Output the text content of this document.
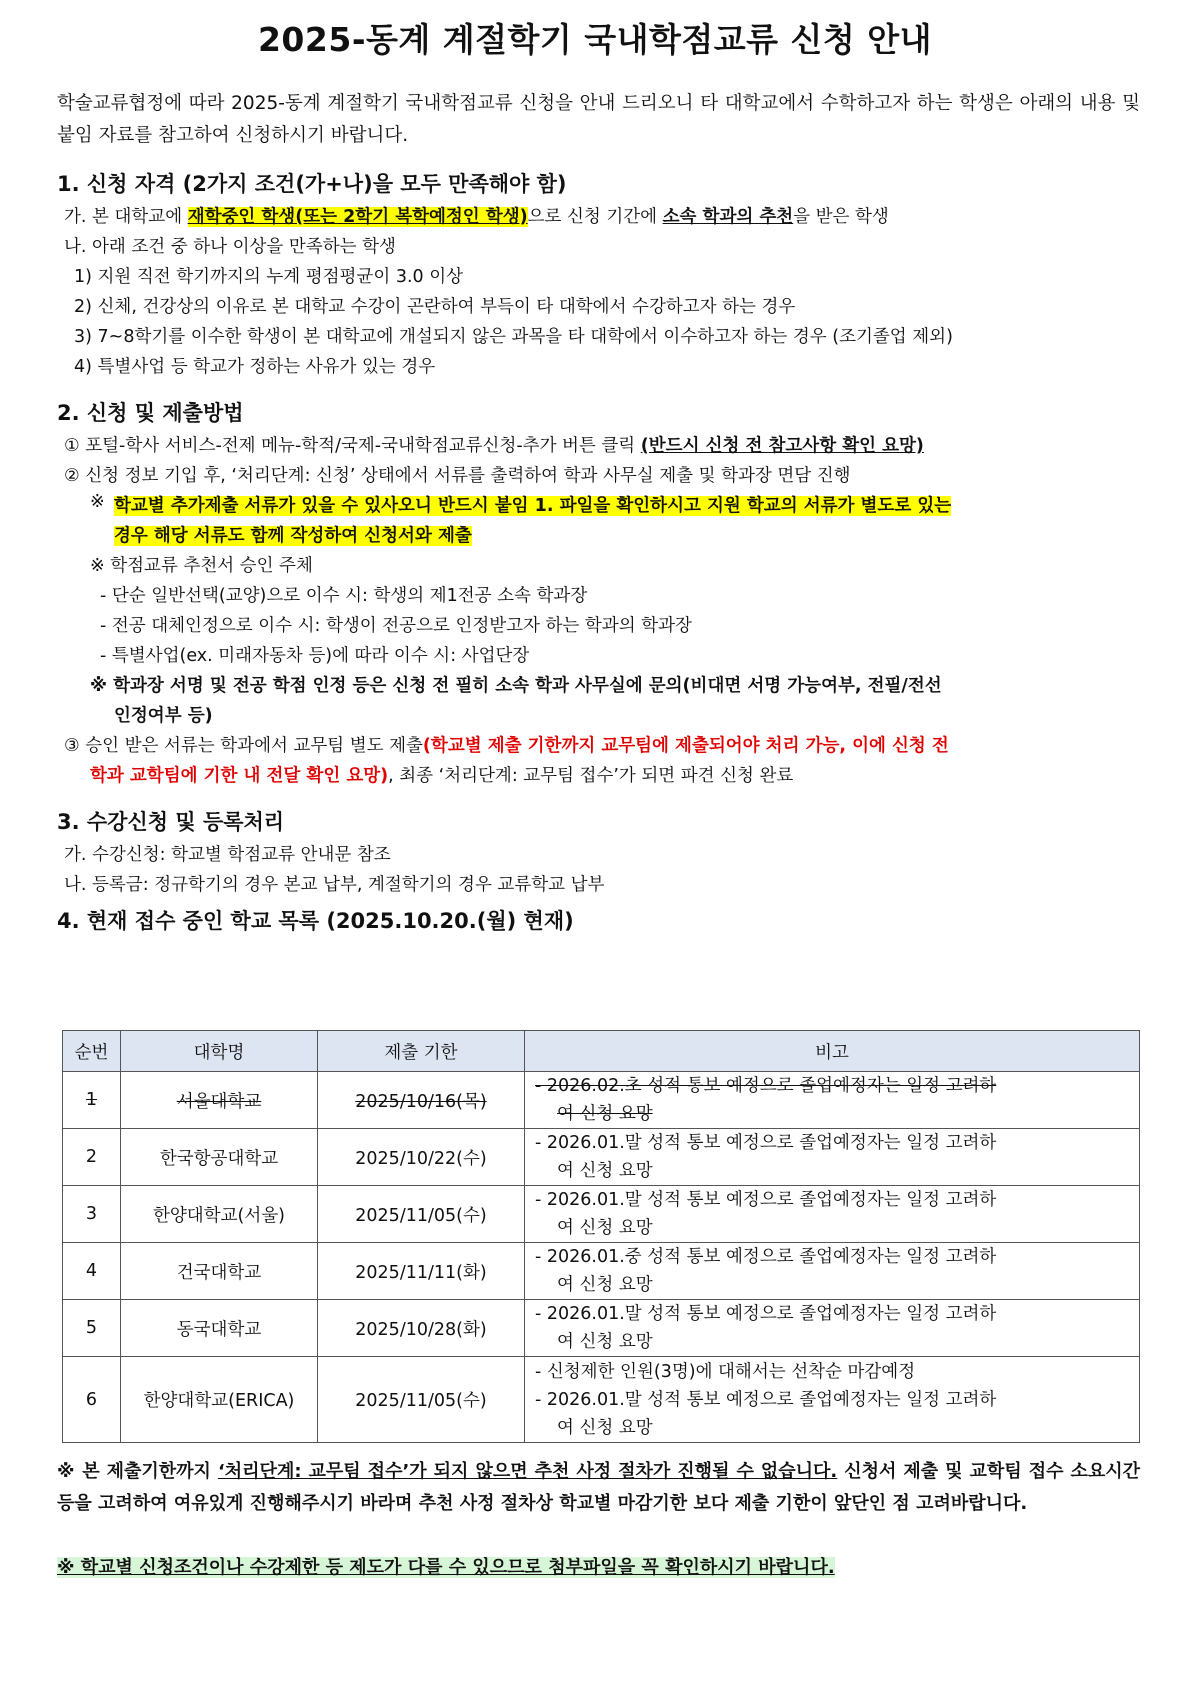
2025-동계 계절학기 국내학점교류 신청 안내
학술교류협정에 따라 2025-동계 계절학기 국내학점교류 신청을 안내 드리오니 타 대학교에서 수학하고자 하는 학생은 아래의 내용 및 붙임 자료를 참고하여 신청하시기 바랍니다.
1. 신청 자격 (2가지 조건(가+나)을 모두 만족해야 함)
가. 본 대학교에 재학중인 학생(또는 2학기 복학예정인 학생)으로 신청 기간에 소속 학과의 추천을 받은 학생
나. 아래 조건 중 하나 이상을 만족하는 학생
1) 지원 직전 학기까지의 누계 평점평균이 3.0 이상
2) 신체, 건강상의 이유로 본 대학교 수강이 곤란하여 부득이 타 대학에서 수강하고자 하는 경우
3) 7~8학기를 이수한 학생이 본 대학교에 개설되지 않은 과목을 타 대학에서 이수하고자 하는 경우 (조기졸업 제외)
4) 특별사업 등 학교가 정하는 사유가 있는 경우
2. 신청 및 제출방법
① 포털-학사 서비스-전제 메뉴-학적/국제-국내학점교류신청-추가 버튼 클릭 (반드시 신청 전 참고사항 확인 요망)
② 신청 정보 기입 후, ‘처리단계: 신청’ 상태에서 서류를 출력하여 학과 사무실 제출 및 학과장 면담 진행
※ 학교별 추가제출 서류가 있을 수 있사오니 반드시 붙임 1. 파일을 확인하시고 지원 학교의 서류가 별도로 있는
경우 해당 서류도 함께 작성하여 신청서와 제출
※ 학점교류 추천서 승인 주체
- 단순 일반선택(교양)으로 이수 시: 학생의 제1전공 소속 학과장
- 전공 대체인정으로 이수 시: 학생이 전공으로 인정받고자 하는 학과의 학과장
- 특별사업(ex. 미래자동차 등)에 따라 이수 시: 사업단장
※ 학과장 서명 및 전공 학점 인정 등은 신청 전 필히 소속 학과 사무실에 문의(비대면 서명 가능여부, 전필/전선
인정여부 등)
③ 승인 받은 서류는 학과에서 교무팀 별도 제출(학교별 제출 기한까지 교무팀에 제출되어야 처리 가능, 이에 신청 전
학과 교학팀에 기한 내 전달 확인 요망), 최종 ‘처리단계: 교무팀 접수’가 되면 파견 신청 완료
3. 수강신청 및 등록처리
가. 수강신청: 학교별 학점교류 안내문 참조
나. 등록금: 정규학기의 경우 본교 납부, 계절학기의 경우 교류학교 납부
4. 현재 접수 중인 학교 목록 (2025.10.20.(월) 현재)
순번	대학명	제출 기한	비고
1	서울대학교	2025/10/16(목)	- 2026.02.초 성적 통보 예정으로 졸업예정자는 일정 고려하
여 신청 요망

2	한국항공대학교	2025/10/22(수)	- 2026.01.말 성적 통보 예정으로 졸업예정자는 일정 고려하
여 신청 요망

3	한양대학교(서울)	2025/11/05(수)	- 2026.01.말 성적 통보 예정으로 졸업예정자는 일정 고려하
여 신청 요망

4	건국대학교	2025/11/11(화)	- 2026.01.중 성적 통보 예정으로 졸업예정자는 일정 고려하
여 신청 요망

5	동국대학교	2025/10/28(화)	- 2026.01.말 성적 통보 예정으로 졸업예정자는 일정 고려하
여 신청 요망

6	한양대학교(ERICA)	2025/11/05(수)	- 신청제한 인원(3명)에 대해서는 선착순 마감예정
- 2026.01.말 성적 통보 예정으로 졸업예정자는 일정 고려하
여 신청 요망
※ 본 제출기한까지 ‘처리단계: 교무팀 접수’가 되지 않으면 추천 사정 절차가 진행될 수 없습니다. 신청서 제출 및 교학팀 접수 소요시간 등을 고려하여 여유있게 진행해주시기 바라며 추천 사정 절차상 학교별 마감기한 보다 제출 기한이 앞단인 점 고려바랍니다.
※ 학교별 신청조건이나 수강제한 등 제도가 다를 수 있으므로 첨부파일을 꼭 확인하시기 바랍니다.
